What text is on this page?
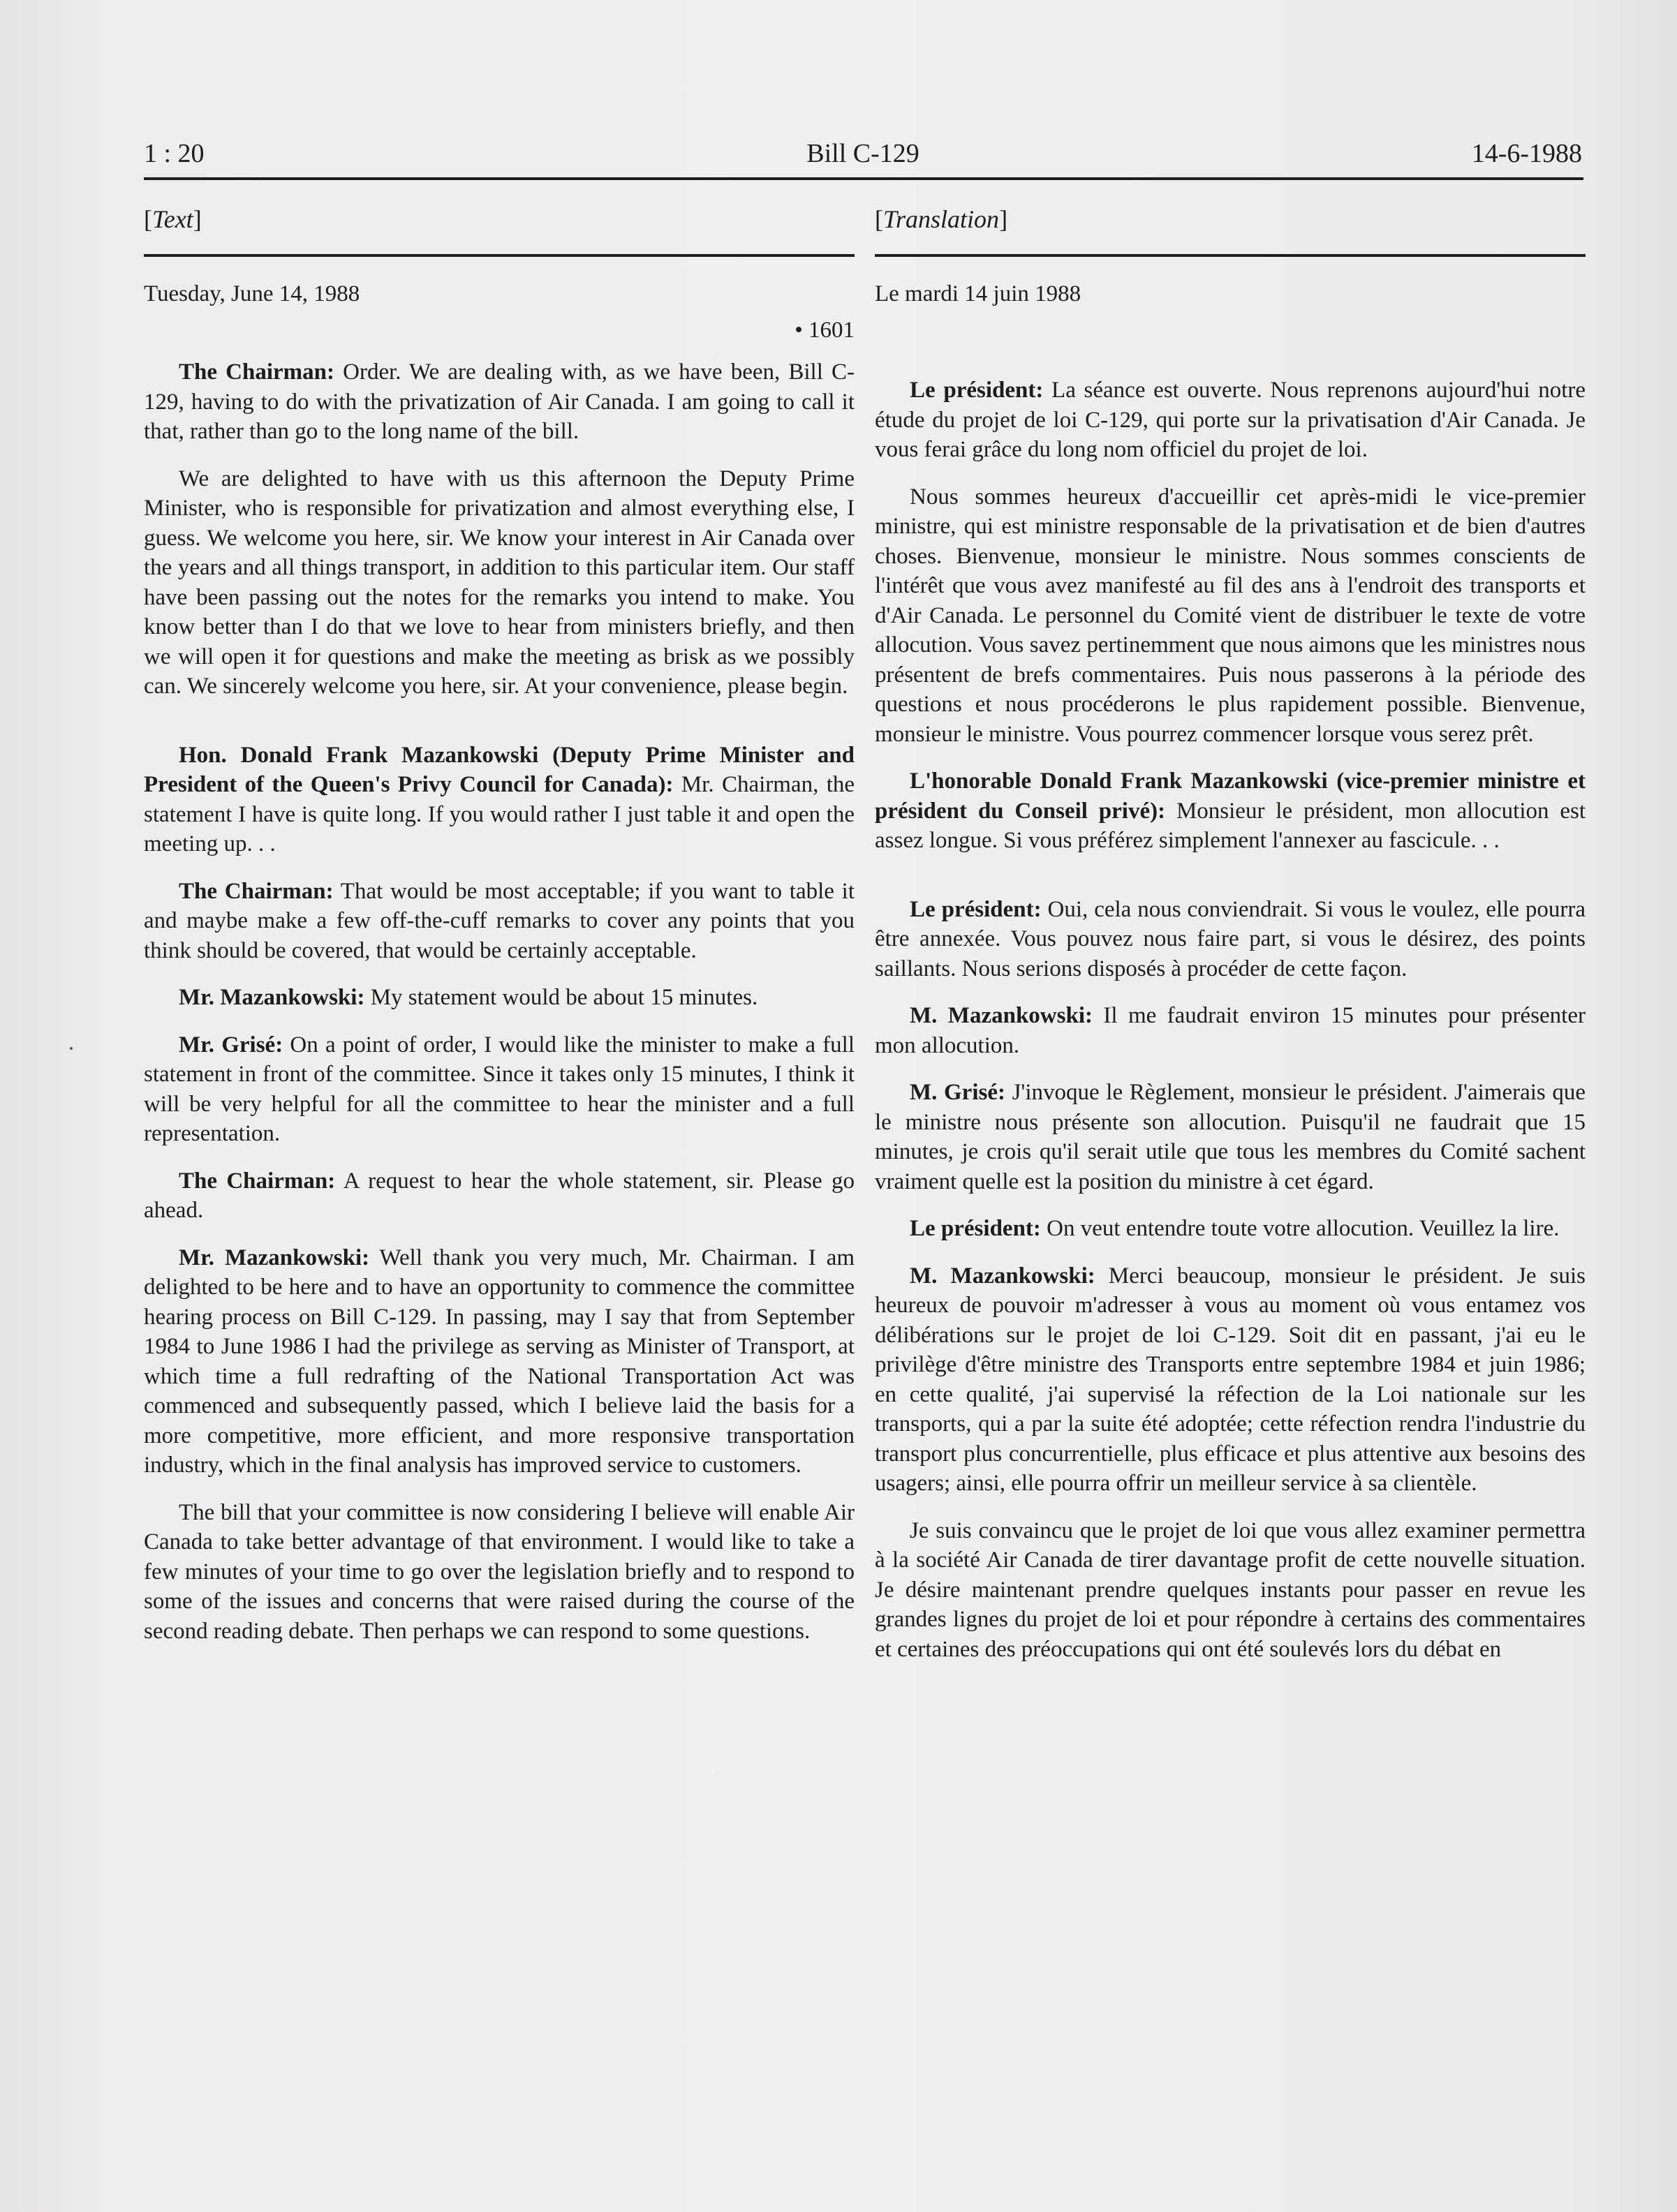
1 : 20	Bill C-129	14-6-1988
[Text]
Tuesday, June 14, 1988
• 1601

The Chairman: Order. We are dealing with, as we have been, Bill C-129, having to do with the privatization of Air Canada. I am going to call it that, rather than go to the long name of the bill.

We are delighted to have with us this afternoon the Deputy Prime Minister, who is responsible for privatization and almost everything else, I guess. We welcome you here, sir. We know your interest in Air Canada over the years and all things transport, in addition to this particular item. Our staff have been passing out the notes for the remarks you intend to make. You know better than I do that we love to hear from ministers briefly, and then we will open it for questions and make the meeting as brisk as we possibly can. We sincerely welcome you here, sir. At your convenience, please begin.

Hon. Donald Frank Mazankowski (Deputy Prime Minister and President of the Queen's Privy Council for Canada): Mr. Chairman, the statement I have is quite long. If you would rather I just table it and open the meeting up. . .

The Chairman: That would be most acceptable; if you want to table it and maybe make a few off-the-cuff remarks to cover any points that you think should be covered, that would be certainly acceptable.

Mr. Mazankowski: My statement would be about 15 minutes.

Mr. Grisé: On a point of order, I would like the minister to make a full statement in front of the committee. Since it takes only 15 minutes, I think it will be very helpful for all the committee to hear the minister and a full representation.

The Chairman: A request to hear the whole statement, sir. Please go ahead.

Mr. Mazankowski: Well thank you very much, Mr. Chairman. I am delighted to be here and to have an opportunity to commence the committee hearing process on Bill C-129. In passing, may I say that from September 1984 to June 1986 I had the privilege as serving as Minister of Transport, at which time a full redrafting of the National Transportation Act was commenced and subsequently passed, which I believe laid the basis for a more competitive, more efficient, and more responsive transportation industry, which in the final analysis has improved service to customers.

The bill that your committee is now considering I believe will enable Air Canada to take better advantage of that environment. I would like to take a few minutes of your time to go over the legislation briefly and to respond to some of the issues and concerns that were raised during the course of the second reading debate. Then perhaps we can respond to some questions.

[Translation]
Le mardi 14 juin 1988

Le président: La séance est ouverte. Nous reprenons aujourd'hui notre étude du projet de loi C-129, qui porte sur la privatisation d'Air Canada. Je vous ferai grâce du long nom officiel du projet de loi.

Nous sommes heureux d'accueillir cet après-midi le vice-premier ministre, qui est ministre responsable de la privatisation et de bien d'autres choses. Bienvenue, monsieur le ministre. Nous sommes conscients de l'intérêt que vous avez manifesté au fil des ans à l'endroit des transports et d'Air Canada. Le personnel du Comité vient de distribuer le texte de votre allocution. Vous savez pertinemment que nous aimons que les ministres nous présentent de brefs commentaires. Puis nous passerons à la période des questions et nous procéderons le plus rapidement possible. Bienvenue, monsieur le ministre. Vous pourrez commencer lorsque vous serez prêt.

L'honorable Donald Frank Mazankowski (vice-premier ministre et président du Conseil privé): Monsieur le président, mon allocution est assez longue. Si vous préférez simplement l'annexer au fascicule. . .

Le président: Oui, cela nous conviendrait. Si vous le voulez, elle pourra être annexée. Vous pouvez nous faire part, si vous le désirez, des points saillants. Nous serions disposés à procéder de cette façon.

M. Mazankowski: Il me faudrait environ 15 minutes pour présenter mon allocution.

M. Grisé: J'invoque le Règlement, monsieur le président. J'aimerais que le ministre nous présente son allocution. Puisqu'il ne faudrait que 15 minutes, je crois qu'il serait utile que tous les membres du Comité sachent vraiment quelle est la position du ministre à cet égard.

Le président: On veut entendre toute votre allocution. Veuillez la lire.

M. Mazankowski: Merci beaucoup, monsieur le président. Je suis heureux de pouvoir m'adresser à vous au moment où vous entamez vos délibérations sur le projet de loi C-129. Soit dit en passant, j'ai eu le privilège d'être ministre des Transports entre septembre 1984 et juin 1986; en cette qualité, j'ai supervisé la réfection de la Loi nationale sur les transports, qui a par la suite été adoptée; cette réfection rendra l'industrie du transport plus concurrentielle, plus efficace et plus attentive aux besoins des usagers; ainsi, elle pourra offrir un meilleur service à sa clientèle.

Je suis convaincu que le projet de loi que vous allez examiner permettra à la société Air Canada de tirer davantage profit de cette nouvelle situation. Je désire maintenant prendre quelques instants pour passer en revue les grandes lignes du projet de loi et pour répondre à certains des commentaires et certaines des préoccupations qui ont été soulevés lors du débat en
